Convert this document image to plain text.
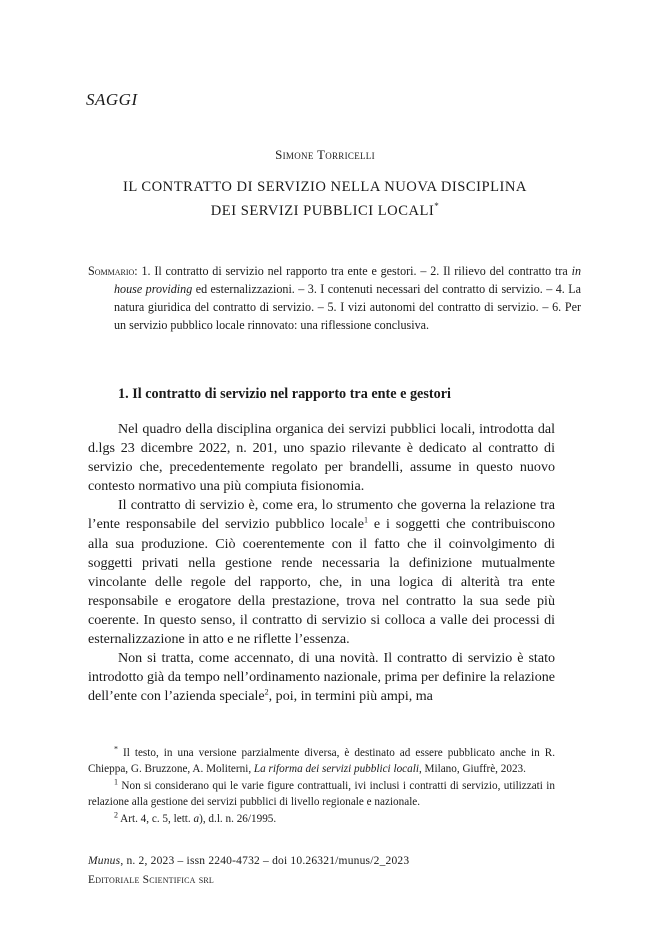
SAGGI
Simone Torricelli
IL CONTRATTO DI SERVIZIO NELLA NUOVA DISCIPLINA
DEI SERVIZI PUBBLICI LOCALI*
Sommario: 1. Il contratto di servizio nel rapporto tra ente e gestori. – 2. Il rilievo del contratto tra in house providing ed esternalizzazioni. – 3. I contenuti necessari del contratto di servizio. – 4. La natura giuridica del contratto di servizio. – 5. I vizi autonomi del contratto di servizio. – 6. Per un servizio pubblico locale rinnovato: una riflessione conclusiva.
1. Il contratto di servizio nel rapporto tra ente e gestori

Nel quadro della disciplina organica dei servizi pubblici locali, introdotta dal d.lgs 23 dicembre 2022, n. 201, uno spazio rilevante è dedicato al contratto di servizio che, precedentemente regolato per brandelli, assume in questo nuovo contesto normativo una più compiuta fisionomia.

Il contratto di servizio è, come era, lo strumento che governa la relazione tra l’ente responsabile del servizio pubblico locale$^1$ e i soggetti che contribuiscono alla sua produzione. Ciò coerentemente con il fatto che il coinvolgimento di soggetti privati nella gestione rende necessaria la definizione mutualmente vincolante delle regole del rapporto, che, in una logica di alterità tra ente responsabile e erogatore della prestazione, trova nel contratto la sua sede più coerente. In questo senso, il contratto di servizio si colloca a valle dei processi di esternalizzazione in atto e ne riflette l’essenza.

Non si tratta, come accennato, di una novità. Il contratto di servizio è stato introdotto già da tempo nell’ordinamento nazionale, prima per definire la relazione dell’ente con l’azienda speciale$^2$, poi, in termini più ampi, ma

* Il testo, in una versione parzialmente diversa, è destinato ad essere pubblicato anche in R. Chieppa, G. Bruzzone, A. Moliterni, La riforma dei servizi pubblici locali, Milano, Giuffrè, 2023.

$^1$ Non si considerano qui le varie figure contrattuali, ivi inclusi i contratti di servizio, utilizzati in relazione alla gestione dei servizi pubblici di livello regionale e nazionale.

$^2$ Art. 4, c. 5, lett. a), d.l. n. 26/1995.

Munus, n. 2, 2023 – issn 2240-4732 – doi 10.26321/munus/2_2023
Editoriale Scientifica srl
